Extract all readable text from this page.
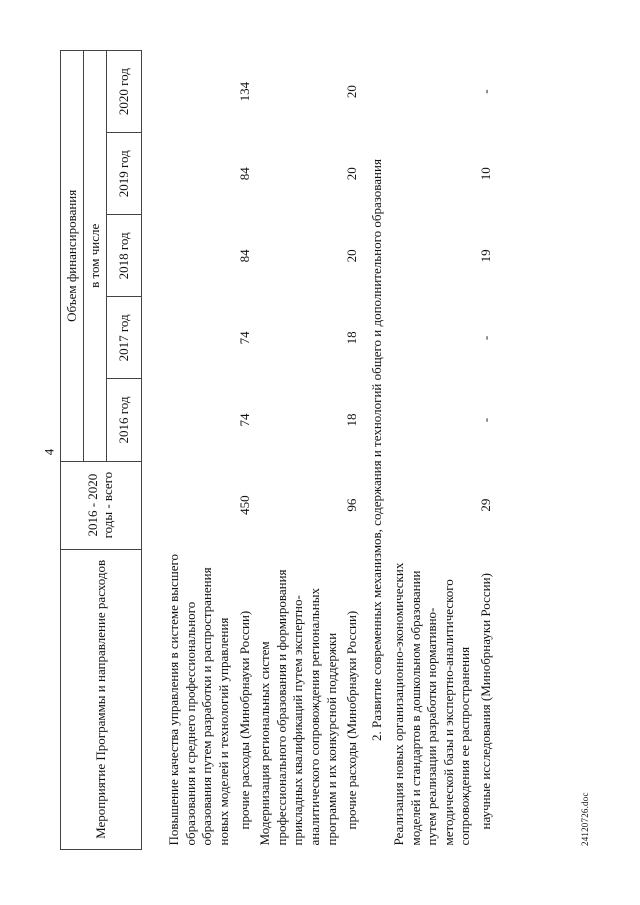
4
Мероприятие Программы и направление расходов	2016 - 2020 годы - всего	Объем финансирования				
		в том числе				
		2016 год	2017 год	2018 год	2019 год	2020 год

Повышение качества управления в системе высшего образования и среднего профессионального образования путем разработки и распространения новых моделей и технологий управления						
прочие расходы (Минобрнауки России)	450	74	74	84	84	134
Модернизация региональных систем профессионального образования и формирования прикладных квалификаций путем экспертно-аналитического сопровождения региональных программ и их конкурсной поддержки						
прочие расходы (Минобрнауки России)	96	18	18	20	20	20
2. Развитие современных механизмов, содержания и технологий общего и дополнительного образования						
Реализация новых организационно-экономических моделей и стандартов в дошкольном образовании путем реализации разработки нормативно-методической базы и экспертно-аналитического сопровождения ее распространения						
научные исследования (Минобрнауки России)	29	-	-	19	10	-
24120726.doc
